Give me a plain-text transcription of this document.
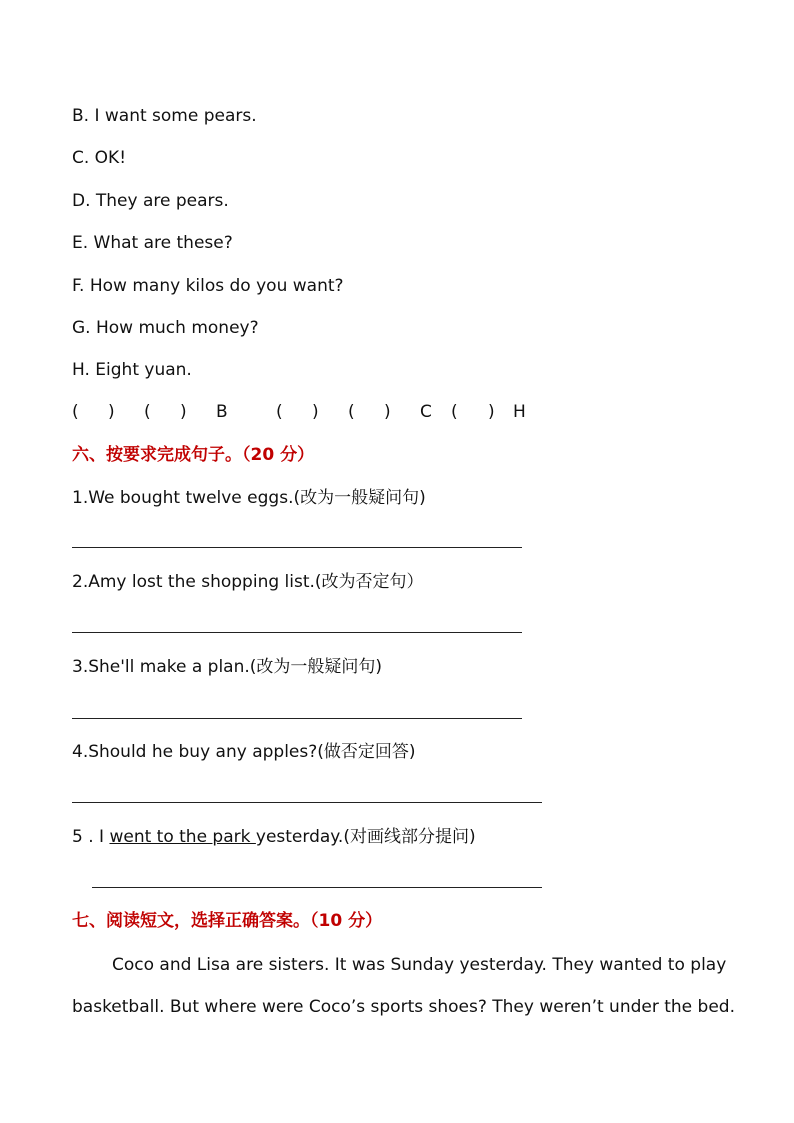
B. I want some pears.
C. OK!
D. They are pears.
E. What are these?
F. How many kilos do you want?
G. How much money?
H. Eight yuan.
( ) ( ) B	( ) ( ) C ( ) H
六、按要求完成句子。（20 分）
1.We bought twelve eggs.(改为一般疑问句)
2.Amy lost the shopping list.(改为否定句）
3.She'll make a plan.(改为一般疑问句)
4.Should he buy any apples?(做否定回答)
5 . I went to the park yesterday.(对画线部分提问)
七、阅读短文，选择正确答案。（10 分）
Coco and Lisa are sisters. It was Sunday yesterday. They wanted to play
basketball. But where were Coco’s sports shoes? They weren’t under the bed.
